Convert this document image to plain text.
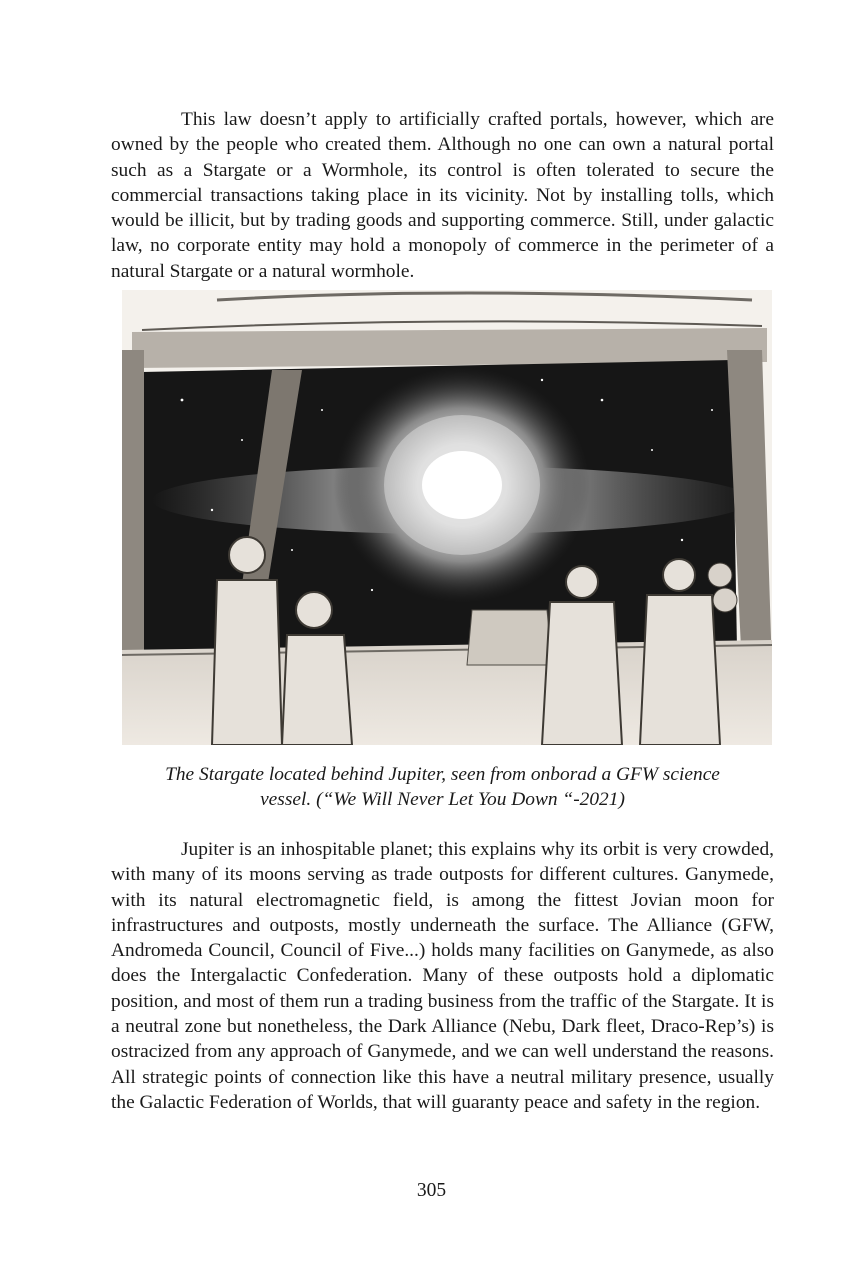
This law doesn’t apply to artificially crafted portals, however, which are owned by the people who created them. Although no one can own a natural portal such as a Stargate or a Wormhole, its control is often tolerated to secure the commercial transactions taking place in its vicinity. Not by installing tolls, which would be illicit, but by trading goods and supporting commerce. Still, under galactic law, no corporate entity may hold a monopoly of commerce in the perimeter of a natural Stargate or a natural wormhole.

The Stargate located behind Jupiter, seen from onborad a GFW science
vessel. (“We Will Never Let You Down “-2021)

Jupiter is an inhospitable planet; this explains why its orbit is very crowded, with many of its moons serving as trade outposts for different cultures. Ganymede, with its natural electromagnetic field, is among the fittest Jovian moon for infrastructures and outposts, mostly underneath the surface. The Alliance (GFW, Andromeda Council, Council of Five...) holds many facilities on Ganymede, as also does the Intergalactic Confederation. Many of these outposts hold a diplomatic position, and most of them run a trading business from the traffic of the Stargate. It is a neutral zone but nonetheless, the Dark Alliance (Nebu, Dark fleet, Draco-Rep’s) is ostracized from any approach of Ganymede, and we can well understand the reasons. All strategic points of connection like this have a neutral military presence, usually the Galactic Federation of Worlds, that will guaranty peace and safety in the region.

305
